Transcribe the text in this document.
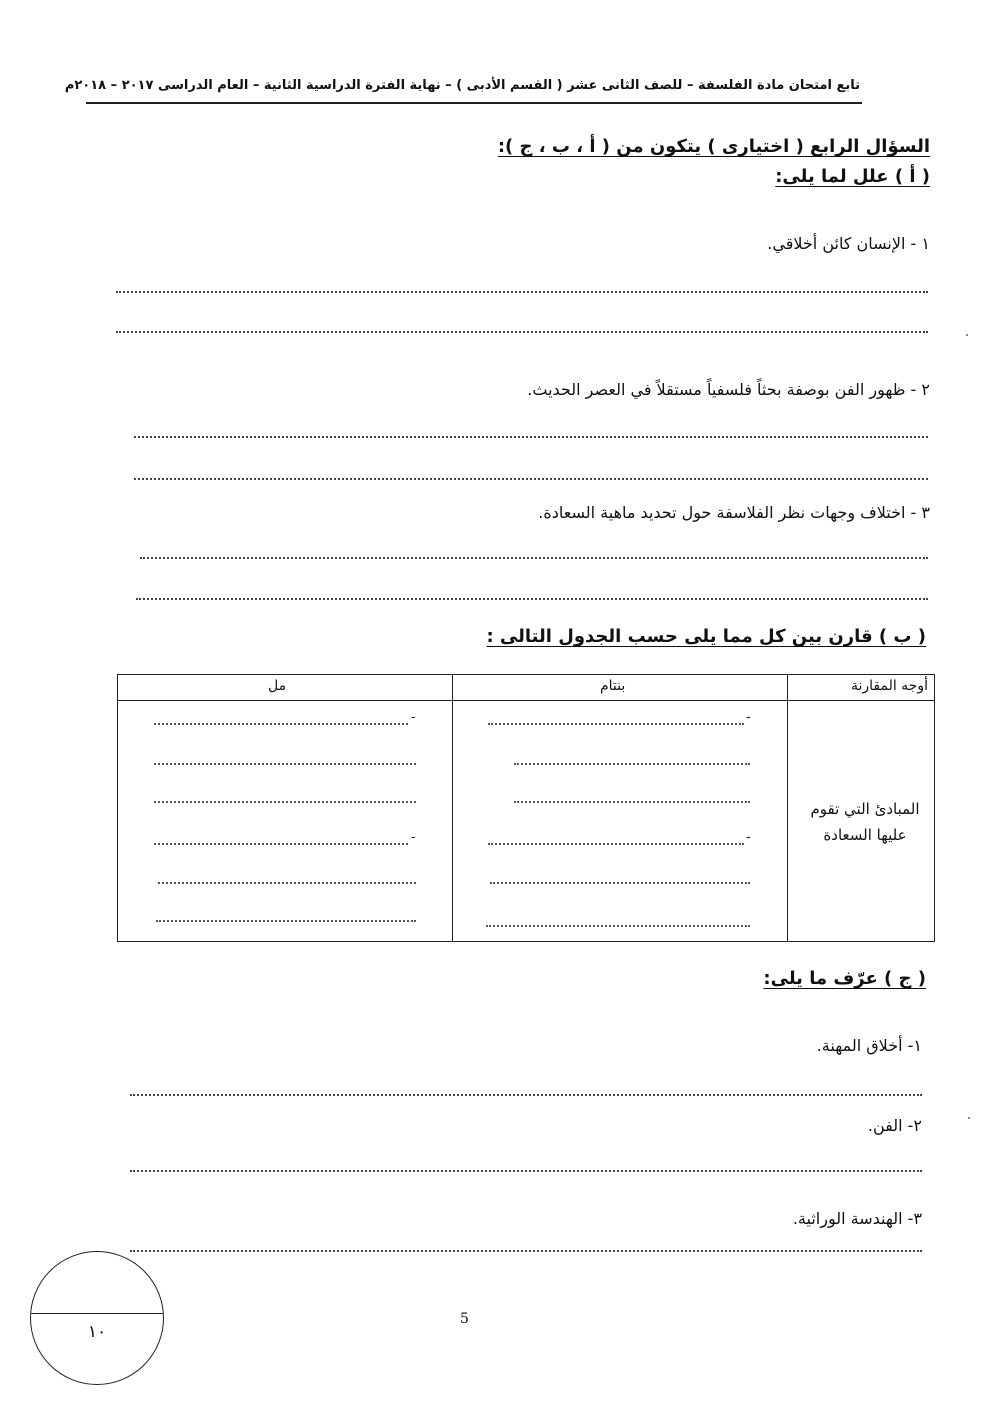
تابع امتحان مادة الفلسفة – للصف الثانى عشر ( القسم الأدبى ) – نهاية الفترة الدراسية الثانية – العام الدراسى ٢٠١٧ – ٢٠١٨م
السؤال الرابع ( اختيارى ) يتكون من ( أ ، ب ، ج ):
( أ ) علل لما يلى:
١ - الإنسان كائن أخلاقي.
٢ - ظهور الفن بوصفة بحثاً فلسفياً مستقلاً في العصر الحديث.
٣ - اختلاف وجهات نظر الفلاسفة حول تحديد ماهية السعادة.
( ب ) قارن بين كل مما يلى حسب الجدول التالى :
أوجه المقارنة
بنتام
مل
المبادئ التي تقوم عليها السعادة
-
-
-
-
( ج ) عرّف ما يلى:
١- أخلاق المهنة.
٢- الفن.
٣- الهندسة الوراثية.
١٠
5
